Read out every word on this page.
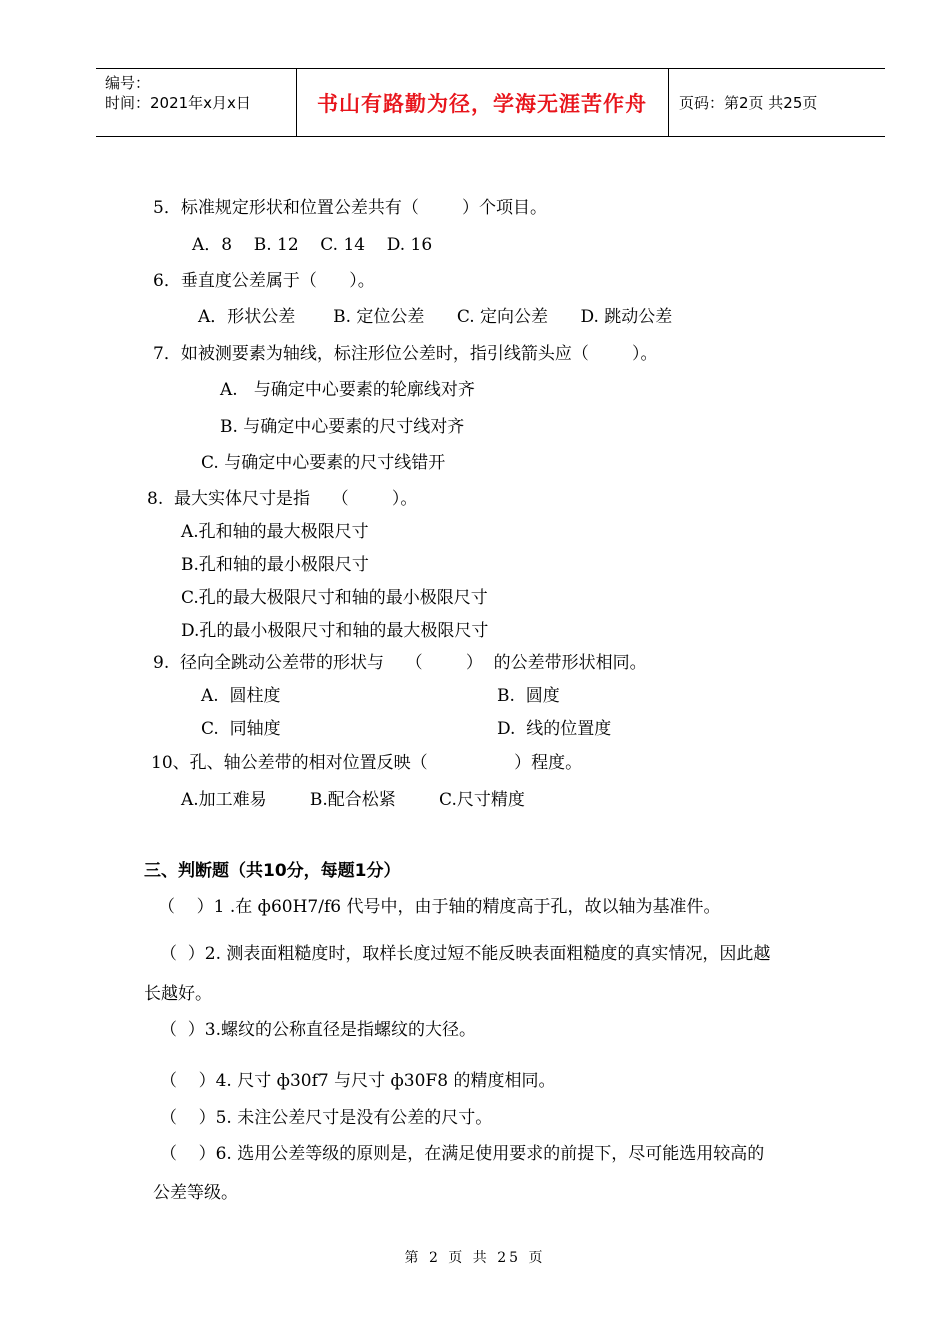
编号：
时间：2021年x月x日	书山有路勤为径，学海无涯苦作舟	页码：第2页 共25页
5．标准规定形状和位置公差共有（        ）个项目。
A．8    B. 12    C. 14    D. 16
6．垂直度公差属于（      ）。
A．形状公差       B. 定位公差      C. 定向公差      D. 跳动公差
7．如被测要素为轴线，标注形位公差时，指引线箭头应（        ）。
A.   与确定中心要素的轮廓线对齐
B. 与确定中心要素的尺寸线对齐
C. 与确定中心要素的尺寸线错开
8.  最大实体尺寸是指    （        ）。
A.孔和轴的最大极限尺寸
B.孔和轴的最小极限尺寸
C.孔的最大极限尺寸和轴的最小极限尺寸
D.孔的最小极限尺寸和轴的最大极限尺寸
9.  径向全跳动公差带的形状与    （        ）  的公差带形状相同。
A.  圆柱度	B.  圆度
C.  同轴度	D.  线的位置度
10、孔、轴公差带的相对位置反映（                ）程度。
A.加工难易        B.配合松紧        C.尺寸精度
三、判断题（共10分，每题1分）
（    ）1 .在 ф60H7/f6 代号中，由于轴的精度高于孔，故以轴为基准件。
（  ）2. 测表面粗糙度时，取样长度过短不能反映表面粗糙度的真实情况，因此越
长越好。
（  ）3.螺纹的公称直径是指螺纹的大径。
（    ）4. 尺寸 ф30f7 与尺寸 ф30F8 的精度相同。
（    ）5. 未注公差尺寸是没有公差的尺寸。
（    ）6. 选用公差等级的原则是，在满足使用要求的前提下，尽可能选用较高的
公差等级。
第 2 页 共 25 页
